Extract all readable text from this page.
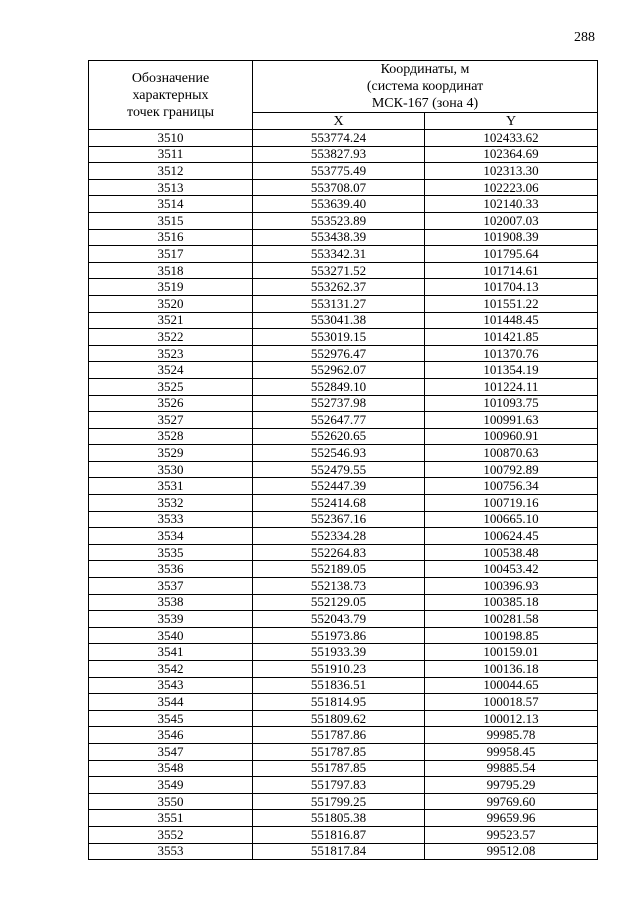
288
Обозначение
характерных
точек границы	Координаты, м
(система координат
МСК-167 (зона 4)	

	X	Y
3510	553774.24	102433.62
3511	553827.93	102364.69
3512	553775.49	102313.30
3513	553708.07	102223.06
3514	553639.40	102140.33
3515	553523.89	102007.03
3516	553438.39	101908.39
3517	553342.31	101795.64
3518	553271.52	101714.61
3519	553262.37	101704.13
3520	553131.27	101551.22
3521	553041.38	101448.45
3522	553019.15	101421.85
3523	552976.47	101370.76
3524	552962.07	101354.19
3525	552849.10	101224.11
3526	552737.98	101093.75
3527	552647.77	100991.63
3528	552620.65	100960.91
3529	552546.93	100870.63
3530	552479.55	100792.89
3531	552447.39	100756.34
3532	552414.68	100719.16
3533	552367.16	100665.10
3534	552334.28	100624.45
3535	552264.83	100538.48
3536	552189.05	100453.42
3537	552138.73	100396.93
3538	552129.05	100385.18
3539	552043.79	100281.58
3540	551973.86	100198.85
3541	551933.39	100159.01
3542	551910.23	100136.18
3543	551836.51	100044.65
3544	551814.95	100018.57
3545	551809.62	100012.13
3546	551787.86	99985.78
3547	551787.85	99958.45
3548	551787.85	99885.54
3549	551797.83	99795.29
3550	551799.25	99769.60
3551	551805.38	99659.96
3552	551816.87	99523.57
3553	551817.84	99512.08
